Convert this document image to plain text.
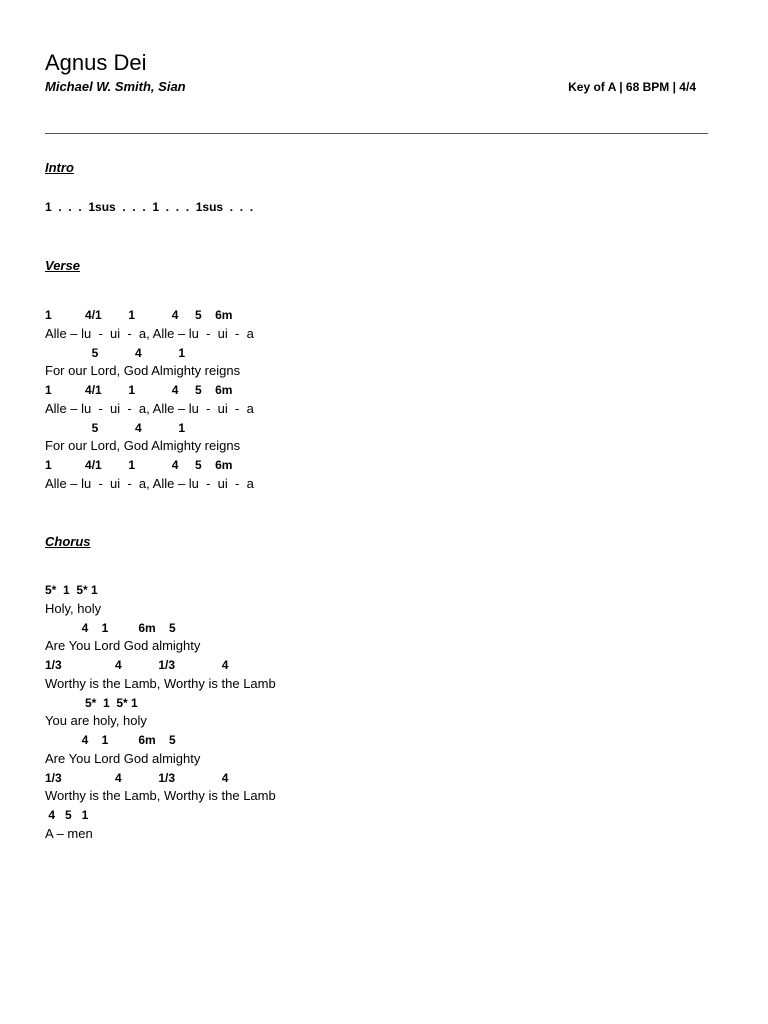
Agnus Dei
Michael W. Smith, Sian	Key of A | 68 BPM | 4/4
Intro
1  .  .  .  1sus  .  .  .  1  .  .  .  1sus  .  .  .
Verse
1          4/1        1           4     5    6m
Alle – lu  -  ui  -  a, Alle – lu  -  ui  -  a
5           4           1
For our Lord, God Almighty reigns
1          4/1        1           4     5    6m
Alle – lu  -  ui  -  a, Alle – lu  -  ui  -  a
5           4           1
For our Lord, God Almighty reigns
1          4/1        1           4     5    6m
Alle – lu  -  ui  -  a, Alle – lu  -  ui  -  a
Chorus
5*  1  5* 1
Holy, holy
4    1         6m    5
Are You Lord God almighty
1/3                4           1/3              4
Worthy is the Lamb, Worthy is the Lamb
5*  1  5* 1
You are holy, holy
4    1         6m    5
Are You Lord God almighty
1/3                4           1/3              4
Worthy is the Lamb, Worthy is the Lamb
4   5   1
A – men
